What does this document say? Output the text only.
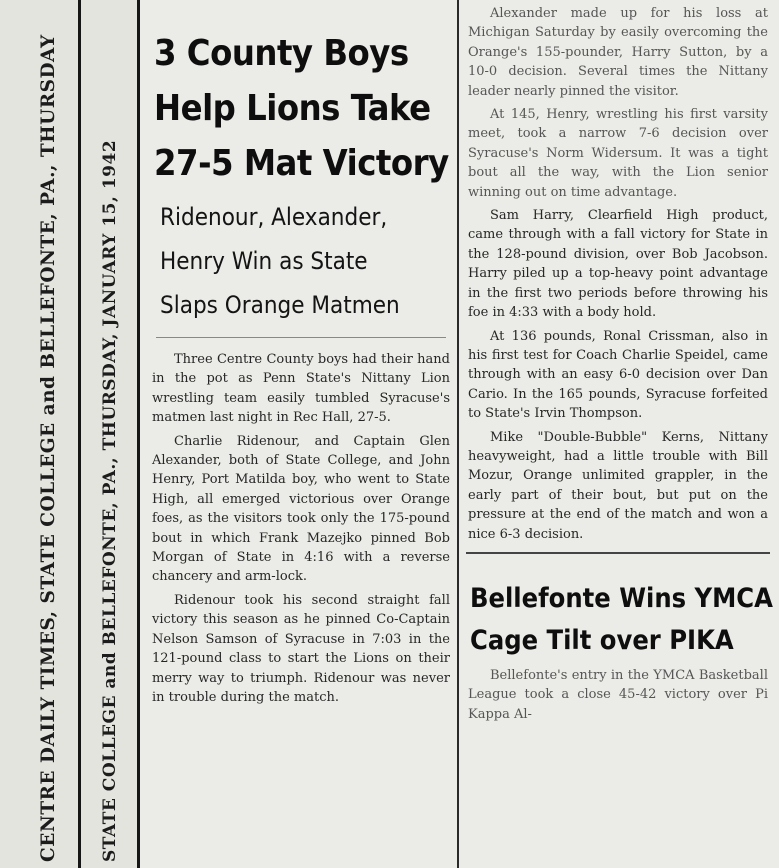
CENTRE DAILY TIMES, STATE COLLEGE and BELLEFONTE, PA., THURSDAY STATE COLLEGE and BELLEFONTE, PA., THURSDAY, JANUARY 15, 1942
3 County Boys
Help Lions Take
27-5 Mat Victory
Ridenour, Alexander,
Henry Win as State
Slaps Orange Matmen

Three Centre County boys had their hand in the pot as Penn State's Nittany Lion wrestling team easily tumbled Syracuse's matmen last night in Rec Hall, 27-5.

Charlie Ridenour, and Captain Glen Alexander, both of State College, and John Henry, Port Matilda boy, who went to State High, all emerged victorious over Orange foes, as the visitors took only the 175-pound bout in which Frank Mazejko pinned Bob Morgan of State in 4:16 with a reverse chancery and arm-lock.

Ridenour took his second straight fall victory this season as he pinned Co-Captain Nelson Samson of Syracuse in 7:03 in the 121-pound class to start the Lions on their merry way to triumph. Ridenour was never in trouble during the match.

Alexander made up for his loss at Michigan Saturday by easily overcoming the Orange's 155-pounder, Harry Sutton, by a 10-0 decision. Several times the Nittany leader nearly pinned the visitor.

At 145, Henry, wrestling his first varsity meet, took a narrow 7-6 decision over Syracuse's Norm Widersum. It was a tight bout all the way, with the Lion senior winning out on time advantage.

Sam Harry, Clearfield High product, came through with a fall victory for State in the 128-pound division, over Bob Jacobson. Harry piled up a top-heavy point advantage in the first two periods before throwing his foe in 4:33 with a body hold.

At 136 pounds, Ronal Crissman, also in his first test for Coach Charlie Speidel, came through with an easy 6-0 decision over Dan Cario. In the 165 pounds, Syracuse forfeited to State's Irvin Thompson.

Mike "Double-Bubble" Kerns, Nittany heavyweight, had a little trouble with Bill Mozur, Orange unlimited grappler, in the early part of their bout, but put on the pressure at the end of the match and won a nice 6-3 decision.

Bellefonte Wins YMCA
Cage Tilt over PIKA

Bellefonte's entry in the YMCA Basketball League took a close 45-42 victory over Pi Kappa Al-
